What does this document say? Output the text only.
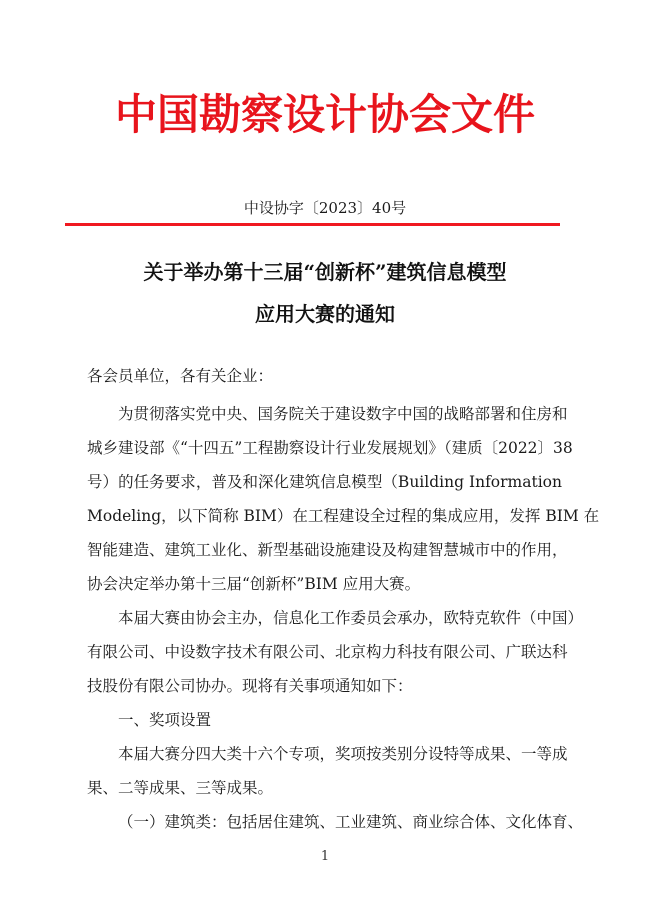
中国勘察设计协会文件
中设协字〔2023〕40号
关于举办第十三届“创新杯”建筑信息模型
应用大赛的通知
各会员单位，各有关企业：
为贯彻落实党中央、国务院关于建设数字中国的战略部署和住房和
城乡建设部《“十四五”工程勘察设计行业发展规划》（建质〔2022〕38
号）的任务要求，普及和深化建筑信息模型（Building Information
Modeling，以下简称 BIM）在工程建设全过程的集成应用，发挥 BIM 在
智能建造、建筑工业化、新型基础设施建设及构建智慧城市中的作用，
协会决定举办第十三届“创新杯”BIM 应用大赛。
本届大赛由协会主办，信息化工作委员会承办，欧特克软件（中国）
有限公司、中设数字技术有限公司、北京构力科技有限公司、广联达科
技股份有限公司协办。现将有关事项通知如下：
一、奖项设置
本届大赛分四大类十六个专项，奖项按类别分设特等成果、一等成
果、二等成果、三等成果。
（一）建筑类：包括居住建筑、工业建筑、商业综合体、文化体育、
1
